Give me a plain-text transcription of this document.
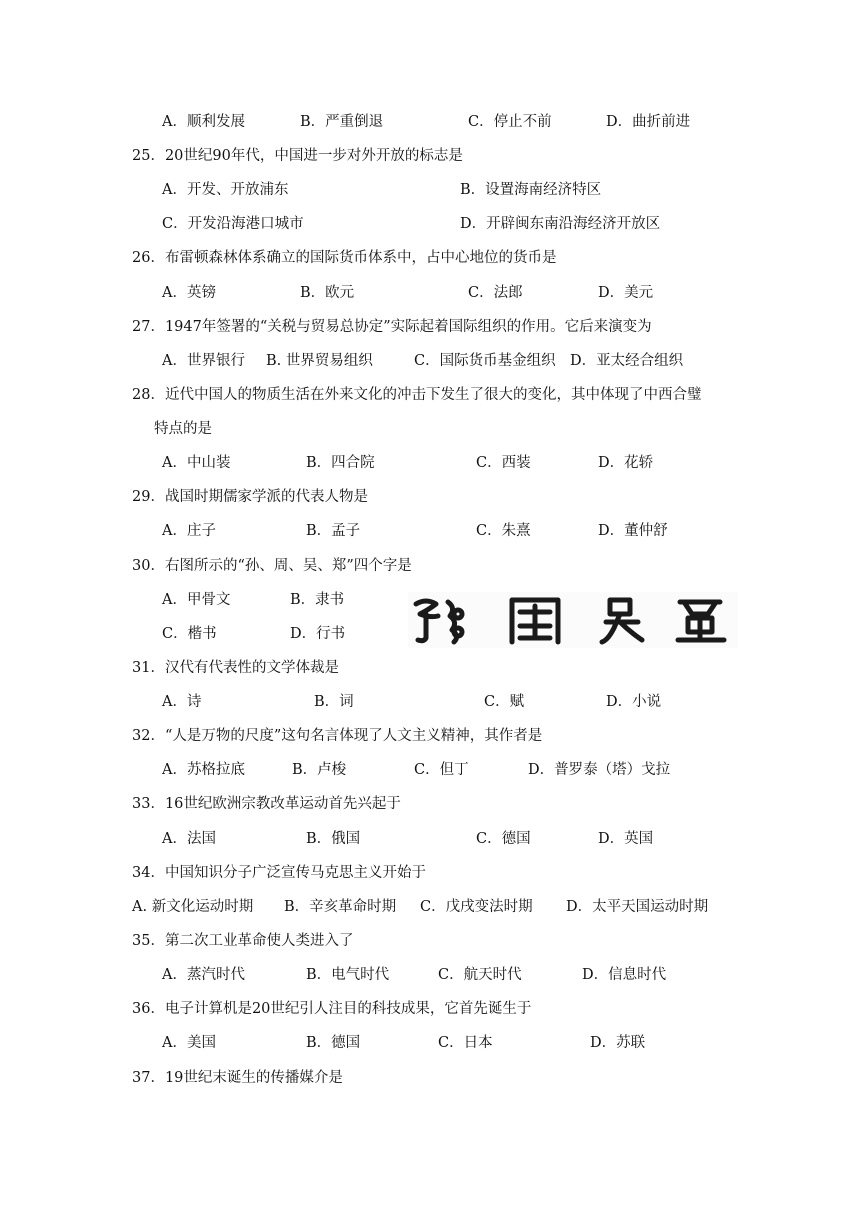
A．顺利发展	B．严重倒退	C．停止不前	D．曲折前进
25．20世纪90年代，中国进一步对外开放的标志是
A．开发、开放浦东	B．设置海南经济特区
C．开发沿海港口城市	D．开辟闽东南沿海经济开放区
26．布雷顿森林体系确立的国际货币体系中，占中心地位的货币是
A．英镑	B．欧元	C．法郎	D．美元
27．1947年签署的“关税与贸易总协定”实际起着国际组织的作用。它后来演变为
A．世界银行 B. 世界贸易组织	C．国际货币基金组织 D．亚太经合组织
28．近代中国人的物质生活在外来文化的冲击下发生了很大的变化，其中体现了中西合璧
特点的是
A．中山装	B．四合院	C．西装	D．花轿
29．战国时期儒家学派的代表人物是
A．庄子	B．孟子	C．朱熹	D．董仲舒
30．右图所示的“孙、周、吴、郑”四个字是
A．甲骨文	B．隶书
C．楷书	D．行书
31．汉代有代表性的文学体裁是
A．诗	B．词	C．赋	D．小说
32．“人是万物的尺度”这句名言体现了人文主义精神，其作者是
A．苏格拉底	B．卢梭	C．但丁	D．普罗泰（塔）戈拉
33．16世纪欧洲宗教改革运动首先兴起于
A．法国	B．俄国	C．德国	D．英国
34．中国知识分子广泛宣传马克思主义开始于
A. 新文化运动时期 B．辛亥革命时期 C．戊戌变法时期 D．太平天国运动时期
35．第二次工业革命使人类进入了
A．蒸汽时代	B．电气时代	C．航天时代	D．信息时代
36．电子计算机是20世纪引人注目的科技成果，它首先诞生于
A．美国	B．德国	C．日本	D．苏联
37．19世纪末诞生的传播媒介是
